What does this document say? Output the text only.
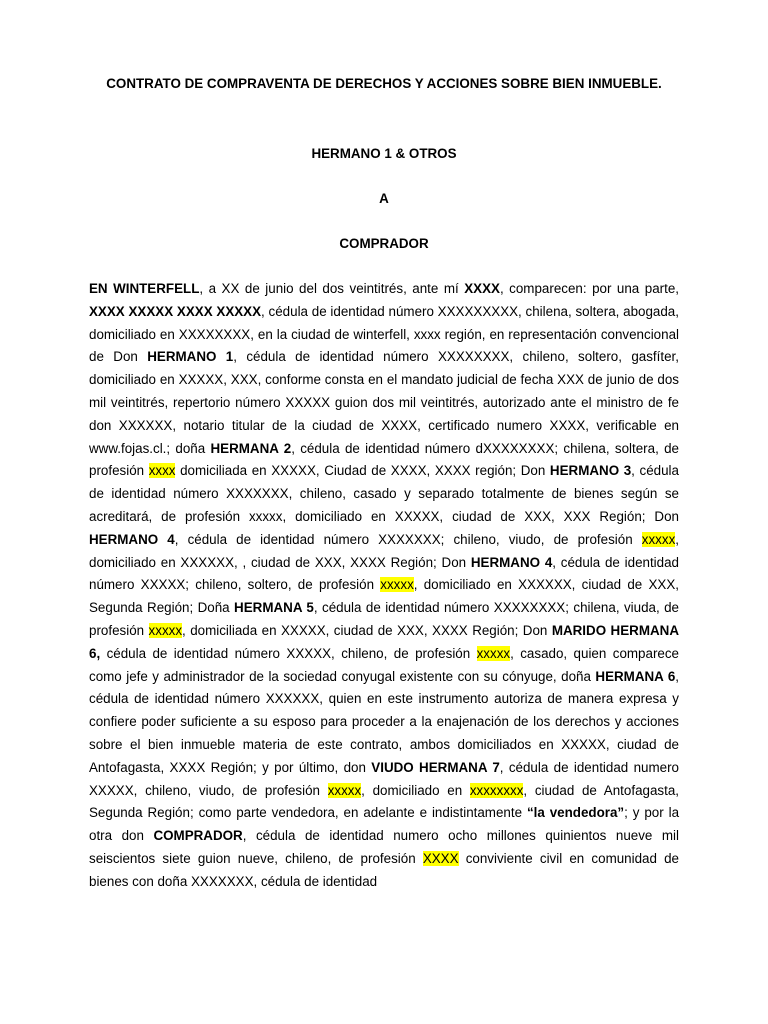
CONTRATO DE COMPRAVENTA DE DERECHOS Y ACCIONES SOBRE BIEN INMUEBLE.
HERMANO 1 & OTROS
A
COMPRADOR

EN WINTERFELL, a XX de junio del dos veintitrés, ante mí XXXX, comparecen: por una parte, XXXX XXXXX XXXX XXXXX, cédula de identidad número XXXXXXXXX, chilena, soltera, abogada, domiciliado en XXXXXXXX, en la ciudad de winterfell, xxxx región, en representación convencional de Don HERMANO 1, cédula de identidad número XXXXXXXX, chileno, soltero, gasfíter, domiciliado en XXXXX, XXX, conforme consta en el mandato judicial de fecha XXX de junio de dos mil veintitrés, repertorio número XXXXX guion dos mil veintitrés, autorizado ante el ministro de fe don XXXXXX, notario titular de la ciudad de XXXX, certificado numero XXXX, verificable en www.fojas.cl.; doña HERMANA 2, cédula de identidad número dXXXXXXXX; chilena, soltera, de profesión xxxx domiciliada en XXXXX, Ciudad de XXXX, XXXX región; Don HERMANO 3, cédula de identidad número XXXXXXX, chileno, casado y separado totalmente de bienes según se acreditará, de profesión xxxxx, domiciliado en XXXXX, ciudad de XXX, XXX Región; Don HERMANO 4, cédula de identidad número XXXXXXX; chileno, viudo, de profesión xxxxx, domiciliado en XXXXXX, , ciudad de XXX, XXXX Región; Don HERMANO 4, cédula de identidad número XXXXX; chileno, soltero, de profesión xxxxx, domiciliado en XXXXXX, ciudad de XXX, Segunda Región; Doña HERMANA 5, cédula de identidad número XXXXXXXX; chilena, viuda, de profesión xxxxx, domiciliada en XXXXX, ciudad de XXX, XXXX Región; Don MARIDO HERMANA 6, cédula de identidad número XXXXX, chileno, de profesión xxxxx, casado, quien comparece como jefe y administrador de la sociedad conyugal existente con su cónyuge, doña HERMANA 6, cédula de identidad número XXXXXX, quien en este instrumento autoriza de manera expresa y confiere poder suficiente a su esposo para proceder a la enajenación de los derechos y acciones sobre el bien inmueble materia de este contrato, ambos domiciliados en XXXXX, ciudad de Antofagasta, XXXX Región; y por último, don VIUDO HERMANA 7, cédula de identidad numero XXXXX, chileno, viudo, de profesión xxxxx, domiciliado en xxxxxxxx, ciudad de Antofagasta, Segunda Región; como parte vendedora, en adelante e indistintamente “la vendedora”; y por la otra don COMPRADOR, cédula de identidad numero ocho millones quinientos nueve mil seiscientos siete guion nueve, chileno, de profesión XXXX conviviente civil en comunidad de bienes con doña XXXXXXX, cédula de identidad
